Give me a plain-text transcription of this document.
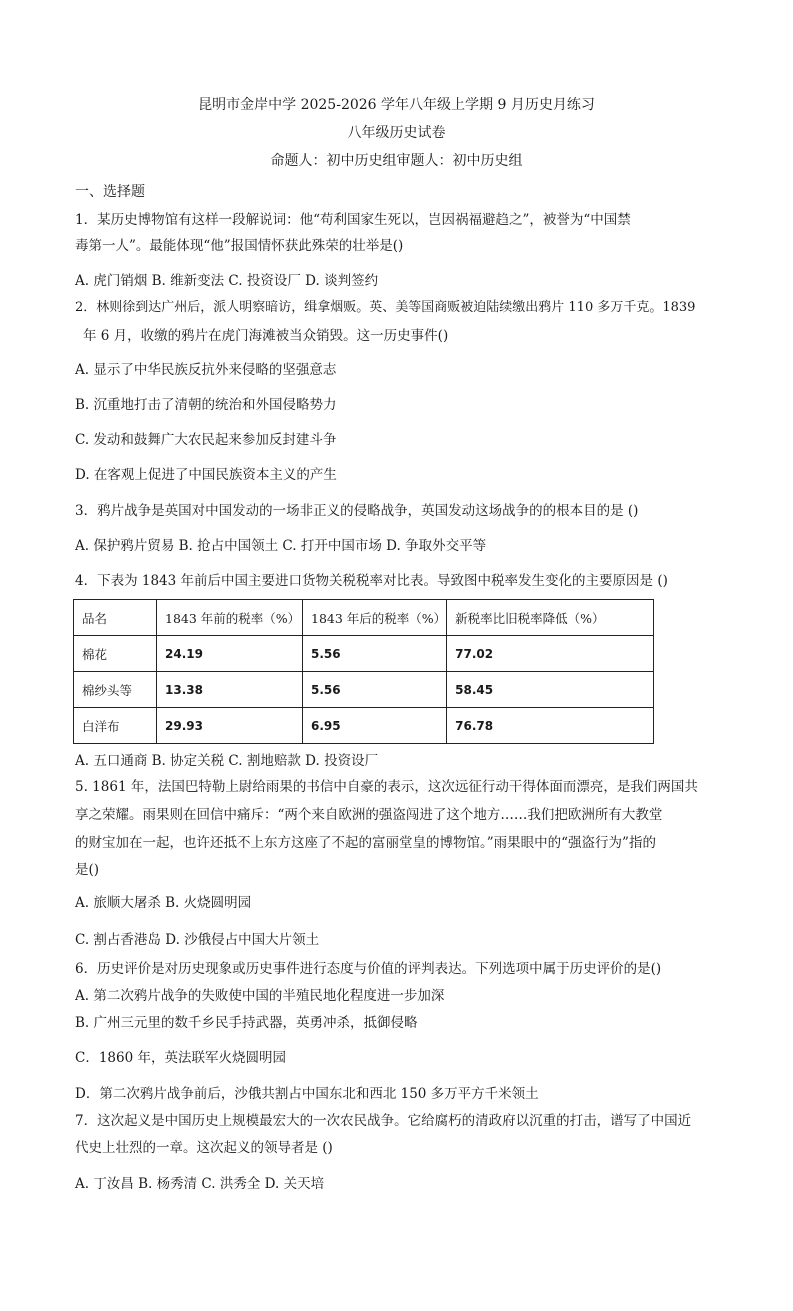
昆明市金岸中学 2025-2026 学年八年级上学期 9 月历史月练习
八年级历史试卷
命题人：初中历史组审题人：初中历史组
一、选择题
1．某历史博物馆有这样一段解说词：他“苟利国家生死以，岂因祸福避趋之”，被誉为“中国禁
毒第一人”。最能体现“他”报国情怀获此殊荣的壮举是()
A. 虎门销烟 B. 维新变法 C. 投资设厂 D. 谈判签约
2．林则徐到达广州后，派人明察暗访，缉拿烟贩。英、美等国商贩被迫陆续缴出鸦片 110 多万千克。1839
年 6 月，收缴的鸦片在虎门海滩被当众销毁。这一历史事件()
A. 显示了中华民族反抗外来侵略的坚强意志
B. 沉重地打击了清朝的统治和外国侵略势力
C. 发动和鼓舞广大农民起来参加反封建斗争
D. 在客观上促进了中国民族资本主义的产生
3．鸦片战争是英国对中国发动的一场非正义的侵略战争，英国发动这场战争的的根本目的是 ()
A. 保护鸦片贸易 B. 抢占中国领土 C. 打开中国市场 D. 争取外交平等
4．下表为 1843 年前后中国主要进口货物关税税率对比表。导致图中税率发生变化的主要原因是 ()
品名	1843 年前的税率（%）	1843 年后的税率（%）	新税率比旧税率降低（%）
棉花	24.19	5.56	77.02
棉纱头等	13.38	5.56	58.45
白洋布	29.93	6.95	76.78
A. 五口通商 B. 协定关税 C. 割地赔款 D. 投资设厂
5. 1861 年，法国巴特勒上尉给雨果的书信中自豪的表示，这次远征行动干得体面而漂亮，是我们两国共
享之荣耀。雨果则在回信中痛斥：“两个来自欧洲的强盗闯进了这个地方……我们把欧洲所有大教堂
的财宝加在一起，也许还抵不上东方这座了不起的富丽堂皇的博物馆。”雨果眼中的“强盗行为”指的
是()
A. 旅顺大屠杀 B. 火烧圆明园
C. 割占香港岛 D. 沙俄侵占中国大片领土
6．历史评价是对历史现象或历史事件进行态度与价值的评判表达。下列选项中属于历史评价的是()
A. 第二次鸦片战争的失败使中国的半殖民地化程度进一步加深
B. 广州三元里的数千乡民手持武器，英勇冲杀，抵御侵略
C．1860 年，英法联军火烧圆明园
D．第二次鸦片战争前后，沙俄共割占中国东北和西北 150 多万平方千米领土
7．这次起义是中国历史上规模最宏大的一次农民战争。它给腐朽的清政府以沉重的打击，谱写了中国近
代史上壮烈的一章。这次起义的领导者是 ()
A. 丁汝昌 B. 杨秀清 C. 洪秀全 D. 关天培
